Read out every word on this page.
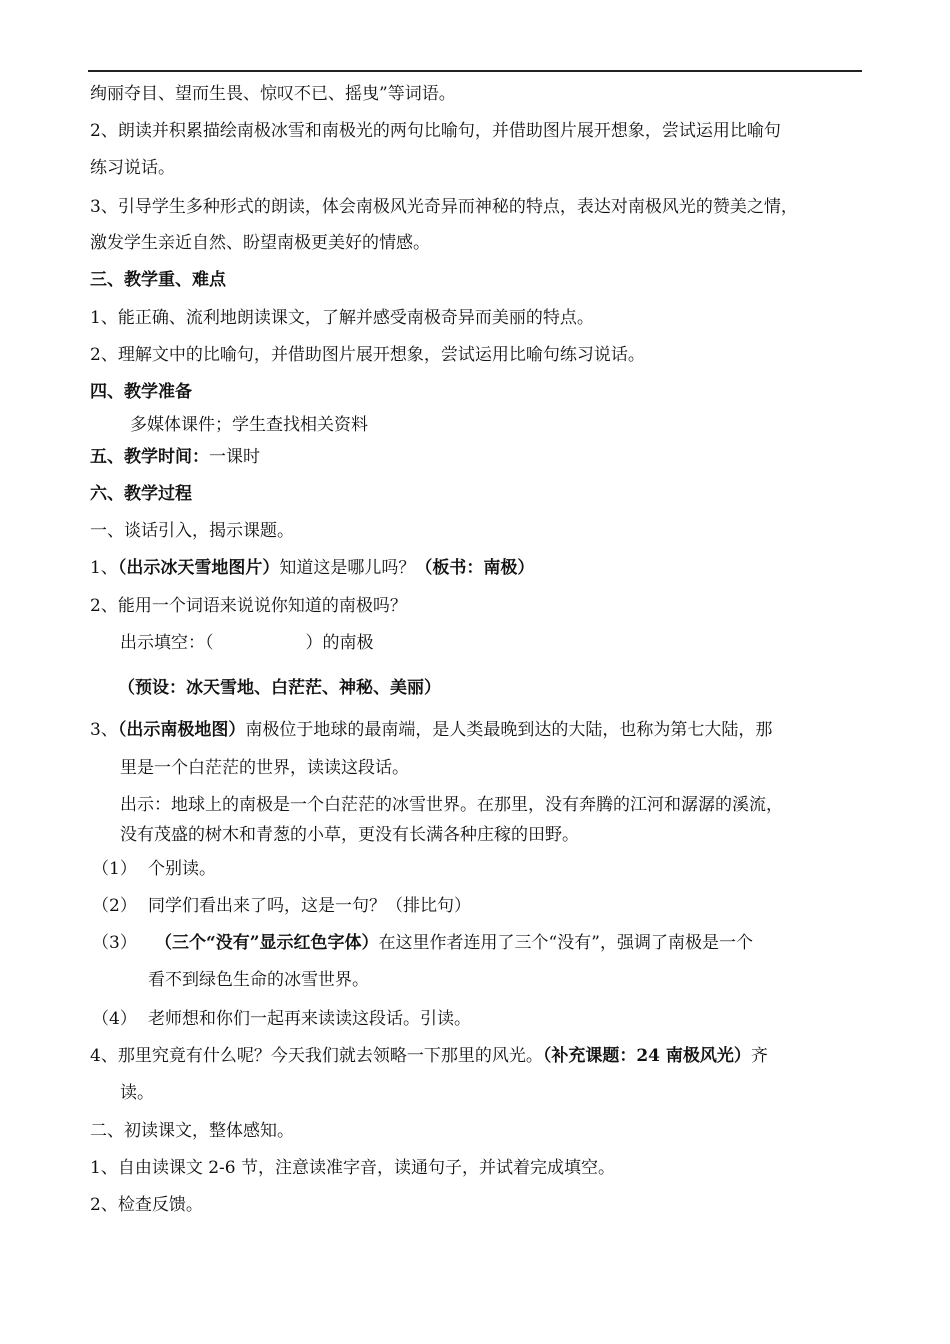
绚丽夺目、望而生畏、惊叹不已、摇曳”等词语。
2、朗读并积累描绘南极冰雪和南极光的两句比喻句，并借助图片展开想象，尝试运用比喻句
练习说话。
3、引导学生多种形式的朗读，体会南极风光奇异而神秘的特点，表达对南极风光的赞美之情，
激发学生亲近自然、盼望南极更美好的情感。
三、教学重、难点
1、能正确、流利地朗读课文，了解并感受南极奇异而美丽的特点。
2、理解文中的比喻句，并借助图片展开想象，尝试运用比喻句练习说话。
四、教学准备
多媒体课件；学生查找相关资料
五、教学时间：一课时
六、教学过程
一、谈话引入，揭示课题。
1、（出示冰天雪地图片）知道这是哪儿吗？（板书：南极）
2、能用一个词语来说说你知道的南极吗？
出示填空：（	）的南极
（预设：冰天雪地、白茫茫、神秘、美丽）
3、（出示南极地图）南极位于地球的最南端，是人类最晚到达的大陆，也称为第七大陆，那
里是一个白茫茫的世界，读读这段话。
出示：地球上的南极是一个白茫茫的冰雪世界。在那里，没有奔腾的江河和潺潺的溪流，
没有茂盛的树木和青葱的小草，更没有长满各种庄稼的田野。
（1） 个别读。
（2） 同学们看出来了吗，这是一句？（排比句）
（3） （三个“没有”显示红色字体）在这里作者连用了三个“没有”，强调了南极是一个
看不到绿色生命的冰雪世界。
（4） 老师想和你们一起再来读读这段话。引读。
4、那里究竟有什么呢？今天我们就去领略一下那里的风光。（补充课题：24 南极风光）齐
读。
二、初读课文，整体感知。
1、自由读课文 2-6 节，注意读准字音，读通句子，并试着完成填空。
2、检查反馈。
